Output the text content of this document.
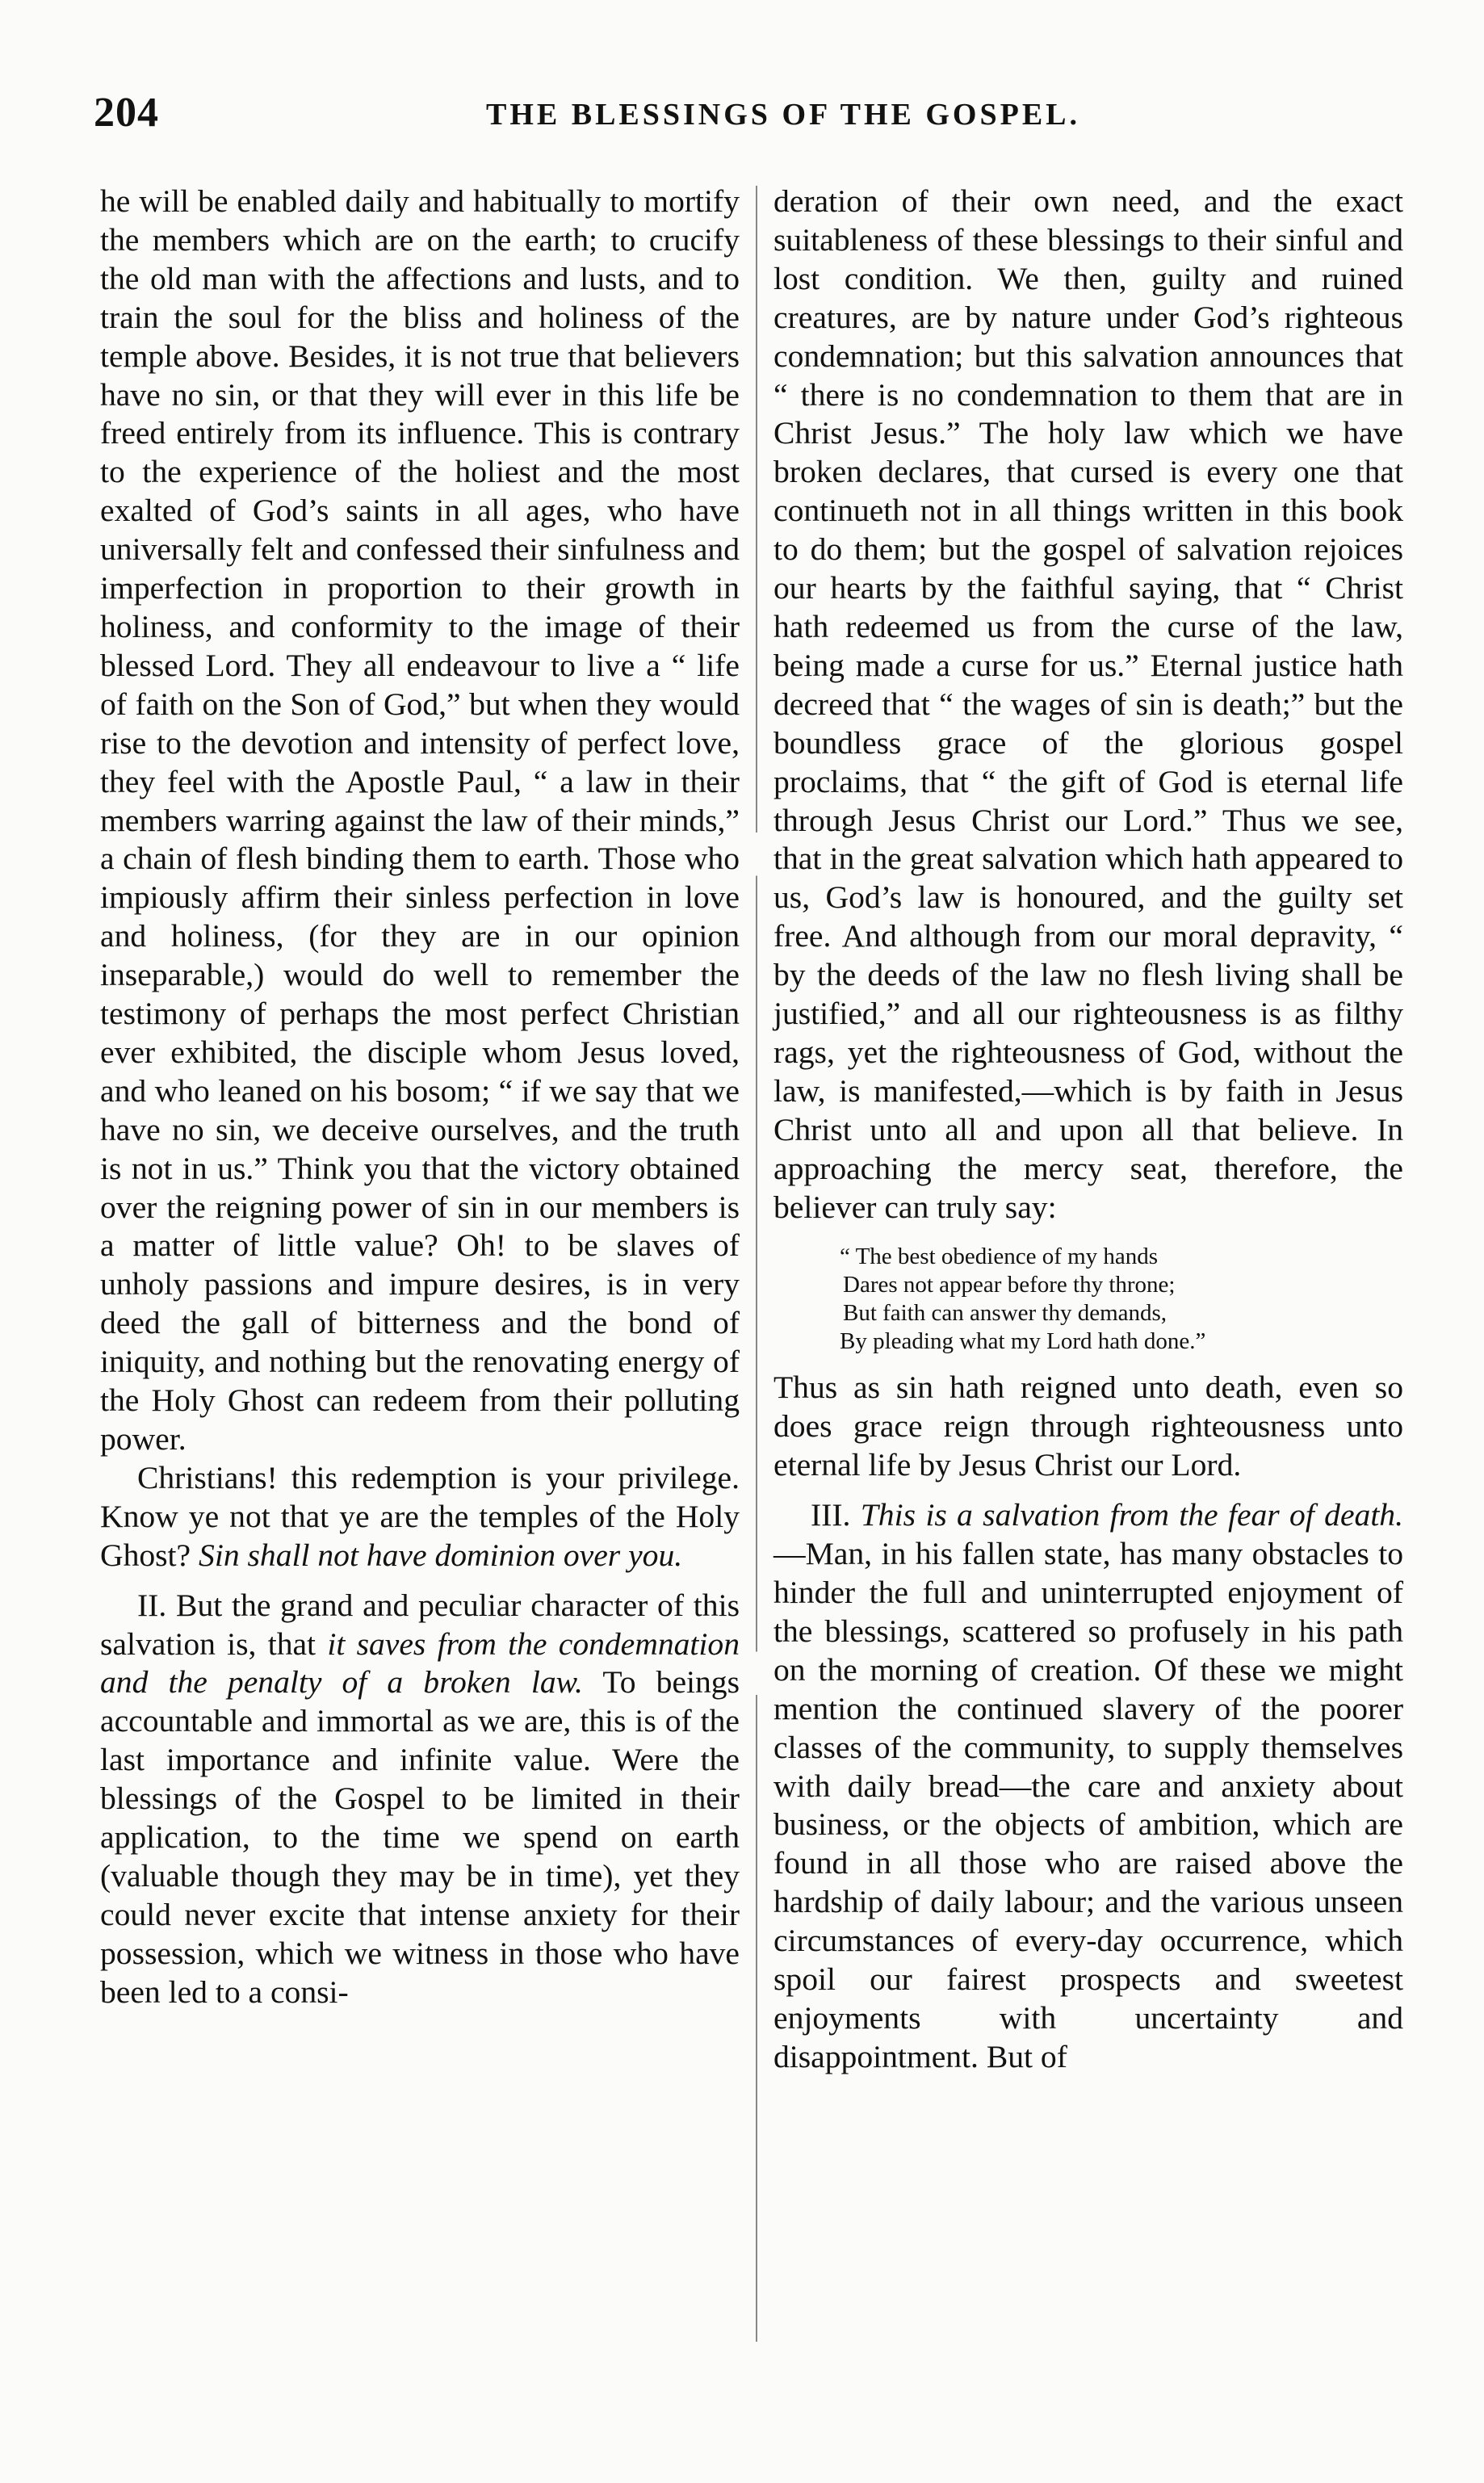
204	THE BLESSINGS OF THE GOSPEL.

he will be enabled daily and habitually to mortify the members which are on the earth; to crucify the old man with the affections and lusts, and to train the soul for the bliss and holiness of the temple above. Besides, it is not true that believers have no sin, or that they will ever in this life be freed entirely from its influence. This is contrary to the experience of the holiest and the most exalted of God’s saints in all ages, who have universally felt and confessed their sinfulness and imperfection in proportion to their growth in holiness, and conformity to the image of their blessed Lord. They all endeavour to live a “ life of faith on the Son of God,” but when they would rise to the devotion and intensity of perfect love, they feel with the Apostle Paul, “ a law in their members warring against the law of their minds,” a chain of flesh binding them to earth. Those who impiously affirm their sinless perfection in love and holiness, (for they are in our opinion inseparable,) would do well to remember the testimony of perhaps the most perfect Christian ever exhibited, the disciple whom Jesus loved, and who leaned on his bosom; “ if we say that we have no sin, we deceive ourselves, and the truth is not in us.” Think you that the victory obtained over the reigning power of sin in our members is a matter of little value? Oh! to be slaves of unholy passions and impure desires, is in very deed the gall of bitterness and the bond of iniquity, and nothing but the renovating energy of the Holy Ghost can redeem from their polluting power.

Christians! this redemption is your privilege. Know ye not that ye are the temples of the Holy Ghost? Sin shall not have dominion over you.

II. But the grand and peculiar character of this salvation is, that it saves from the condemnation and the penalty of a broken law. To beings accountable and immortal as we are, this is of the last importance and infinite value. Were the blessings of the Gospel to be limited in their application, to the time we spend on earth (valuable though they may be in time), yet they could never excite that intense anxiety for their possession, which we witness in those who have been led to a consi-

deration of their own need, and the exact suitableness of these blessings to their sinful and lost condition. We then, guilty and ruined creatures, are by nature under God’s righteous condemnation; but this salvation announces that “ there is no condemnation to them that are in Christ Jesus.” The holy law which we have broken declares, that cursed is every one that continueth not in all things written in this book to do them; but the gospel of salvation rejoices our hearts by the faithful saying, that “ Christ hath redeemed us from the curse of the law, being made a curse for us.” Eternal justice hath decreed that “ the wages of sin is death;” but the boundless grace of the glorious gospel proclaims, that “ the gift of God is eternal life through Jesus Christ our Lord.” Thus we see, that in the great salvation which hath appeared to us, God’s law is honoured, and the guilty set free. And although from our moral depravity, “ by the deeds of the law no flesh living shall be justified,” and all our righteousness is as filthy rags, yet the righteousness of God, without the law, is manifested,—which is by faith in Jesus Christ unto all and upon all that believe. In approaching the mercy seat, therefore, the believer can truly say:

“ The best obedience of my hands
Dares not appear before thy throne;
But faith can answer thy demands,
By pleading what my Lord hath done.”

Thus as sin hath reigned unto death, even so does grace reign through righteousness unto eternal life by Jesus Christ our Lord.

III. This is a salvation from the fear of death.—Man, in his fallen state, has many obstacles to hinder the full and uninterrupted enjoyment of the blessings, scattered so profusely in his path on the morning of creation. Of these we might mention the continued slavery of the poorer classes of the community, to supply themselves with daily bread—the care and anxiety about business, or the objects of ambition, which are found in all those who are raised above the hardship of daily labour; and the various unseen circumstances of every-day occurrence, which spoil our fairest prospects and sweetest enjoyments with uncertainty and disappointment. But of
